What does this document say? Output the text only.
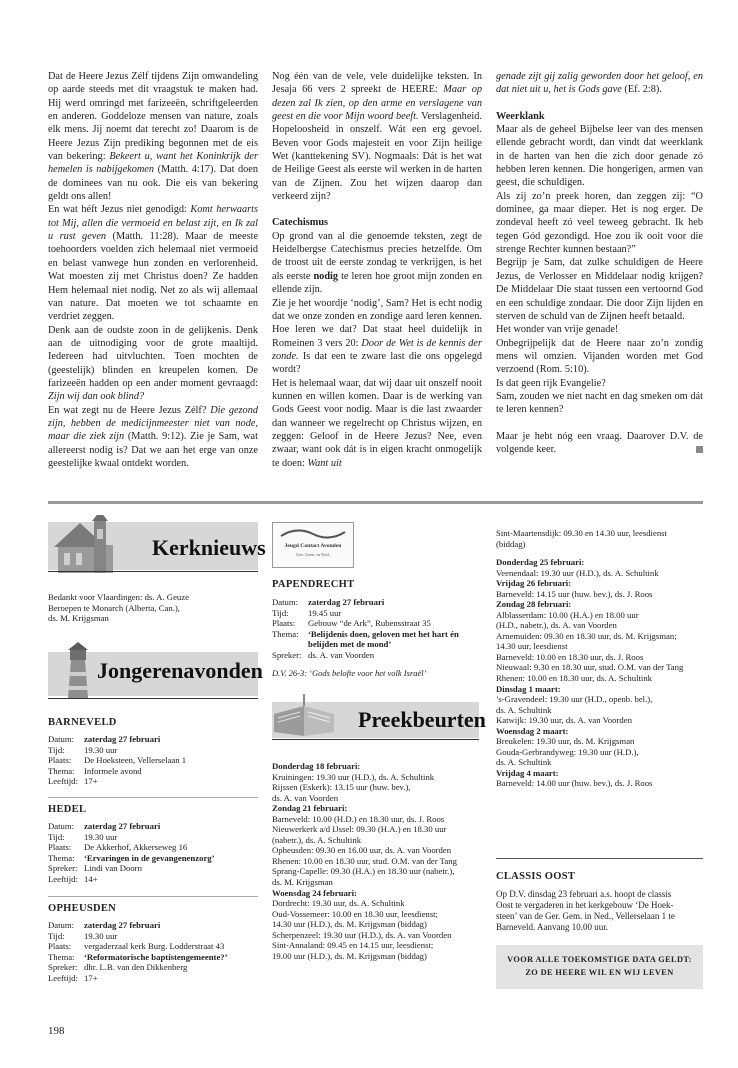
Dat de Heere Jezus Zélf tijdens Zijn omwandeling op aarde steeds met dit vraagstuk te maken had. Hij werd omringd met farizeeën, schriftgeleerden en anderen. Goddeloze mensen van nature, zoals elk mens. Jij noemt dat terecht zo! Daarom is de Heere Jezus Zijn prediking begonnen met de eis van bekering: Bekeert u, want het Koninkrijk der hemelen is nabijgekomen (Matth. 4:17). Dat doen de dominees van nu ook. Die eis van bekering geldt ons allen!
En wat héft Jezus niet genodigd: Komt herwaarts tot Mij, allen die vermoeid en belast zijt, en Ik zal u rust geven (Matth. 11:28). Maar de meeste toehoorders voelden zich helemaal niet vermoeid en belast vanwege hun zonden en verlorenheid. Wat moesten zij met Christus doen? Ze hadden Hem helemaal niet nodig. Net zo als wij allemaal van nature. Dat moeten we tot schaamte en verdriet zeggen.
Denk aan de oudste zoon in de gelijkenis. Denk aan de uitnodiging voor de grote maaltijd. Iedereen had uitvluchten. Toen mochten de (geestelijk) blinden en kreupelen komen. De farizeeën hadden op een ander moment gevraagd: Zijn wij dan ook blind?
En wat zegt nu de Heere Jezus Zélf? Die gezond zijn, hebben de medicijnmeester niet van node, maar die ziek zijn (Matth. 9:12). Zie je Sam, wat allereerst nodig is? Dat we aan het erge van onze geestelijke kwaal ontdekt worden.

Nog één van de vele, vele duidelijke teksten. In Jesaja 66 vers 2 spreekt de HEERE: Maar op dezen zal Ik zien, op den arme en verslagene van geest en die voor Mijn woord beeft. Verslagenheid. Hopeloosheid in onszelf. Wát een erg gevoel. Beven voor Gods majesteit en voor Zijn heilige Wet (kanttekening SV). Nogmaals: Dát is het wat de Heilige Geest als eerste wil werken in de harten van de Zijnen. Zou het wijzen daarop dan verkeerd zijn?

Catechismus

Op grond van al die genoemde teksten, zegt de Heidelbergse Catechismus precies hetzelfde. Om de troost uit de eerste zondag te verkrijgen, is het als eerste nodig te leren hoe groot mijn zonden en ellende zijn.
Zie je het woordje ‘nodig’, Sam? Het is echt nodig dat we onze zonden en zondige aard leren kennen. Hoe leren we dat? Dat staat heel duidelijk in Romeinen 3 vers 20: Door de Wet is de kennis der zonde. Is dat een te zware last die ons opgelegd wordt?
Het is helemaal waar, dat wij daar uit onszelf nooit kunnen en willen komen. Daar is de werking van Gods Geest voor nodig. Maar is die last zwaarder dan wanneer we regelrecht op Christus wijzen, en zeggen: Geloof in de Heere Jezus? Nee, even zwaar, want ook dát is in eigen kracht onmogelijk te doen: Want uit

genade zijt gij zalig geworden door het geloof, en dat niet uit u, het is Gods gave (Ef. 2:8).

Weerklank

Maar als de geheel Bijbelse leer van des mensen ellende gebracht wordt, dan vindt dat weerklank in de harten van hen die zich door genade zó hebben leren kennen. Die hongerigen, armen van geest, die schuldigen.
Als zij zo’n preek horen, dan zeggen zij: “O dominee, ga maar dieper. Het is nog erger. De zondeval heeft zó veel teweeg gebracht. Ik heb tegen Gód gezondigd. Hoe zou ik ooit voor die strenge Rechter kunnen bestaan?”
Begrijp je Sam, dat zulke schuldigen de Heere Jezus, de Verlosser en Middelaar nodig krijgen? De Middelaar Die staat tussen een vertoornd God en een schuldige zondaar. Die door Zijn lijden en sterven de schuld van de Zijnen heeft betaald.
Het wonder van vrije genade!
Onbegrijpelijk dat de Heere naar zo’n zondig mens wil omzien. Vijanden worden met God verzoend (Rom. 5:10).
Is dat geen rijk Evangelie?
Sam, zouden we niet nacht en dag smeken om dát te leren kennen?

Maar je hebt nóg een vraag. Daarover D.V. de volgende keer.

Kerknieuws

Bedankt voor Vlaardingen: ds. A. Geuze

Beroepen te Monarch (Alberta, Can.),

ds. M. Krijgsman

Jongerenavonden
BARNEVELD
Datum:	zaterdag 27 februari
Tijd:	19.30 uur
Plaats:	De Hoeksteen, Vellerselaan 1
Thema:	Informele avond
Leeftijd:	17+
HEDEL
Datum:	zaterdag 27 februari
Tijd:	19.30 uur
Plaats:	De Akkerhof, Akkerseweg 16
Thema:	‘Ervaringen in de gevangenenzorg’
Spreker:	Lindi van Doorn
Leeftijd:	14+
OPHEUSDEN
Datum:	zaterdag 27 februari
Tijd:	19.30 uur
Plaats:	vergaderzaal kerk Burg. Lodderstraat 43
Thema:	‘Reformatorische baptistengemeente?’
Spreker:	dhr. L.B. van den Dikkenberg
Leeftijd:	17+
198
Jeugd Contact Avonden
Ger. Gem. in Ned.
PAPENDRECHT
Datum:	zaterdag 27 februari
Tijd:	19.45 uur
Plaats:	Gebouw “de Ark”, Rubensstraat 35
Thema:	‘Belijdenis doen, geloven met het hart én belijden met de mond’
Spreker:	ds. A. van Voorden
D.V. 26-3: ‘Gods belofte voor het volk Israël’
Preekbeurten

Donderdag 18 februari:

Kruiningen: 19.30 uur (H.D.), ds. A. Schultink

Rijssen (Eskerk): 13.15 uur (huw. bev.),

ds. A. van Voorden

Zondag 21 februari:

Barneveld: 10.00 (H.D.) en 18.30 uur, ds. J. Roos

Nieuwerkerk a/d IJssel: 09.30 (H.A.) en 18.30 uur

(nabetr.), ds. A. Schultink

Opheusden: 09.30 en 16.00 uur, ds. A. van Voorden

Rhenen: 10.00 en 18.30 uur, stud. O.M. van der Tang

Sprang-Capelle: 09.30 (H.A.) en 18.30 uur (nabetr.),

ds. M. Krijgsman

Woensdag 24 februari:

Dordrecht: 19.30 uur, ds. A. Schultink

Oud-Vossemeer: 10.00 en 18.30 uur, leesdienst;

14.30 uur (H.D.), ds. M. Krijgsman (biddag)

Scherpenzeel: 19.30 uur (H.D.), ds. A. van Voorden

Sint-Annaland: 09.45 en 14.15 uur, leesdienst;

19.00 uur (H.D.), ds. M. Krijgsman (biddag)

Sint-Maartensdijk: 09.30 en 14.30 uur, leesdienst

(biddag)

Donderdag 25 februari:

Veenendaal: 19.30 uur (H.D.), ds. A. Schultink

Vrijdag 26 februari:

Barneveld: 14.15 uur (huw. bev.), ds. J. Roos

Zondag 28 februari:

Alblasserdam: 10.00 (H.A.) en 18.00 uur

(H.D., nabetr.), ds. A. van Voorden

Arnemuiden: 09.30 en 18.30 uur, ds. M. Krijgsman;

14.30 uur, leesdienst

Barneveld: 10.00 en 18.30 uur, ds. J. Roos

Nieuwaal: 9.30 en 18.30 uur, stud. O.M. van der Tang

Rhenen: 10.00 en 18.30 uur, ds. A. Schultink

Dinsdag 1 maart:

’s-Gravendeel: 19.30 uur (H.D., openb. bel.),

ds. A. Schultink

Katwijk: 19.30 uur, ds. A. van Voorden

Woensdag 2 maart:

Breukelen: 19.30 uur, ds. M. Krijgsman

Gouda-Gerbrandyweg: 19.30 uur (H.D.),

ds. A. Schultink

Vrijdag 4 maart:

Barneveld: 14.00 uur (huw. bev.), ds. J. Roos

CLASSIS OOST

Op D.V. dinsdag 23 februari a.s. hoopt de classis

Oost te vergaderen in het kerkgebouw ‘De Hoek-

steen’ van de Ger. Gem. in Ned., Vellerselaan 1 te

Barneveld. Aanvang 10.00 uur.

VOOR ALLE TOEKOMSTIGE DATA GELDT:
ZO DE HEERE WIL EN WIJ LEVEN
